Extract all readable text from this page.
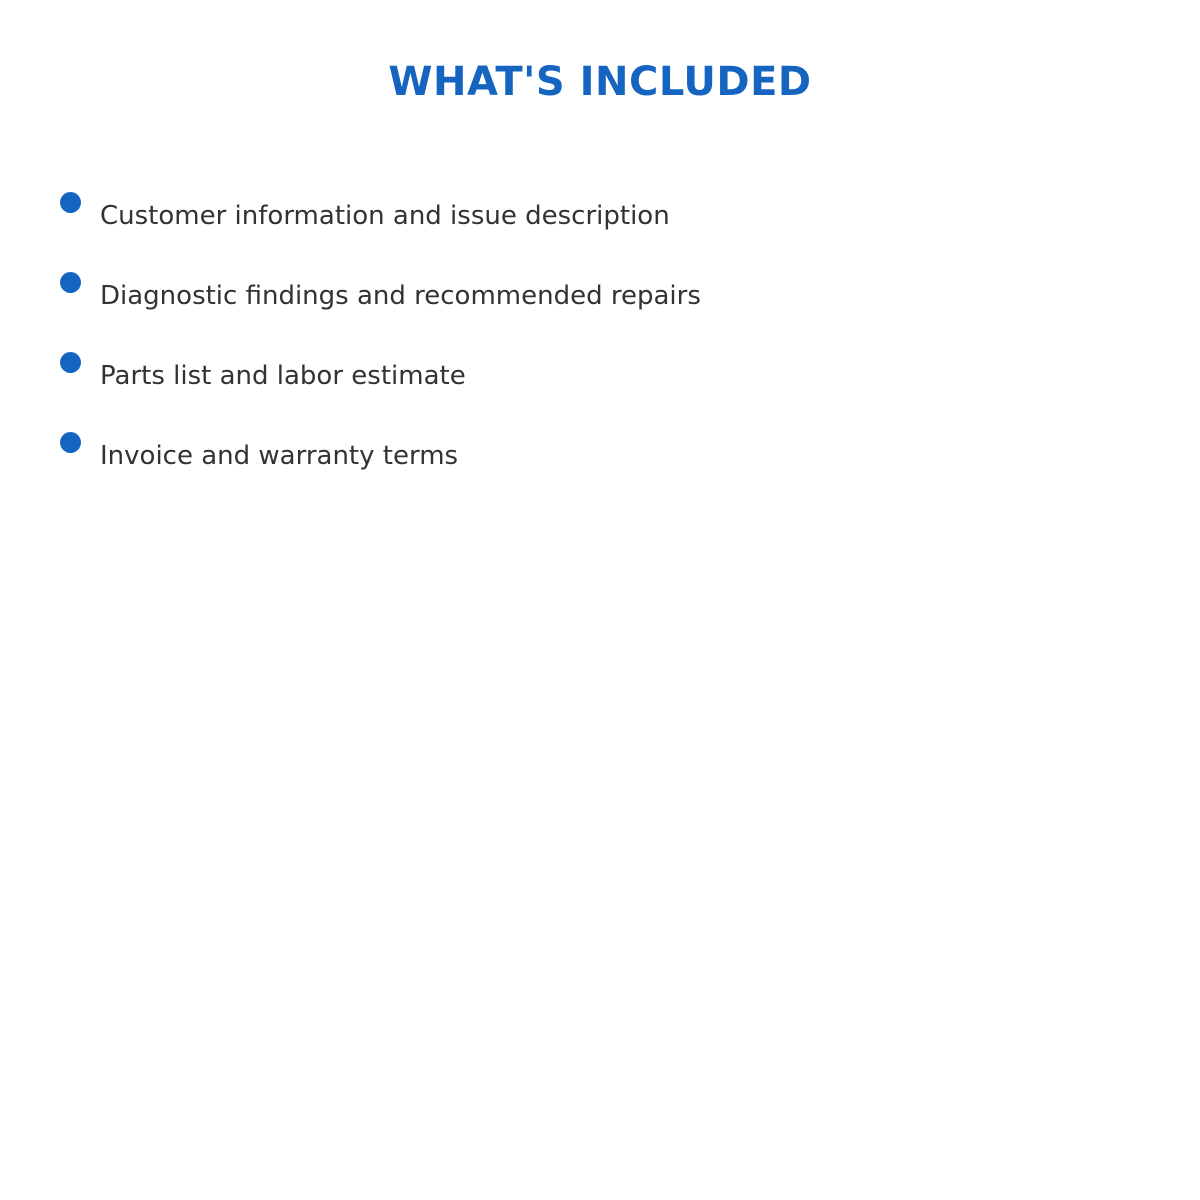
WHAT'S INCLUDED
Customer information and issue description
Diagnostic findings and recommended repairs
Parts list and labor estimate
Invoice and warranty terms
